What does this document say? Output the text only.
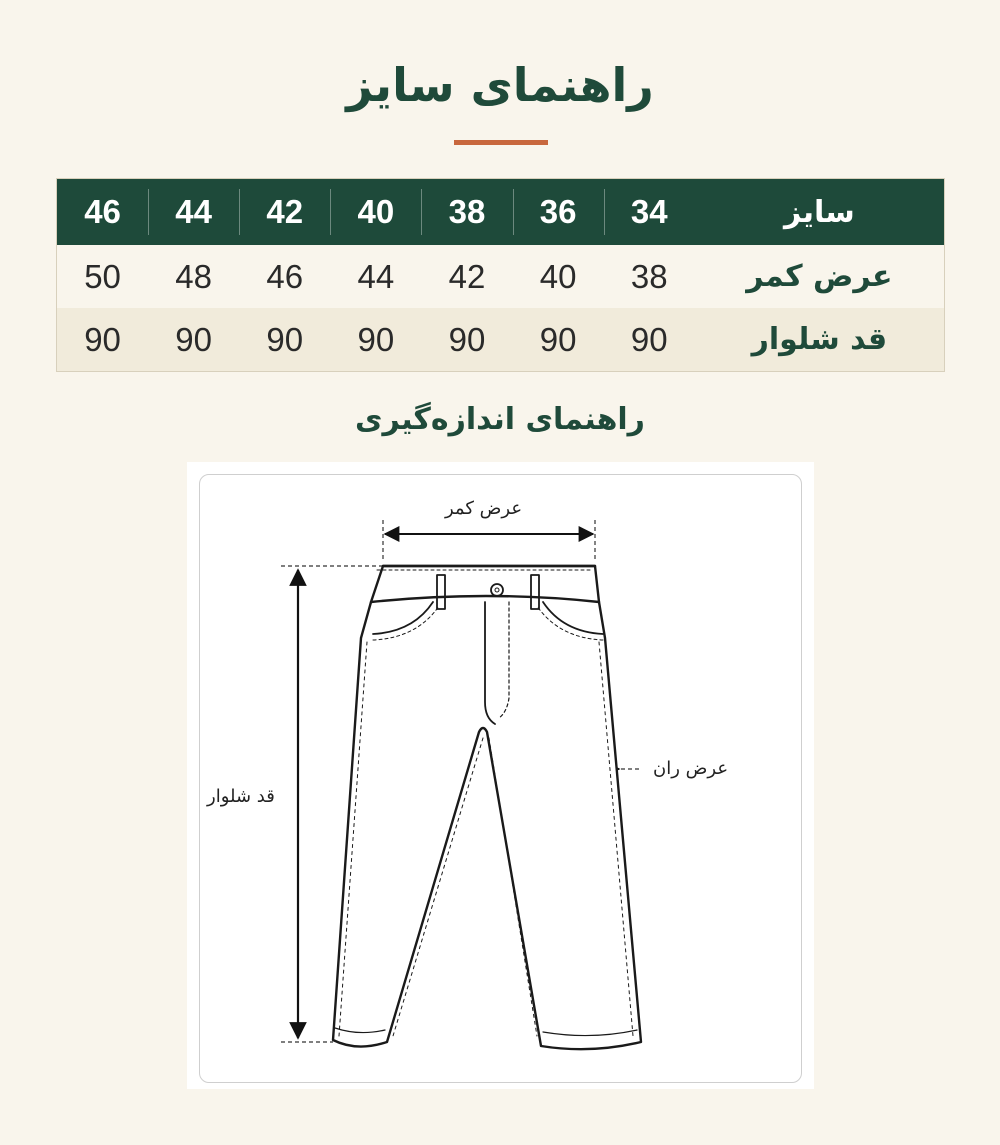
راهنمای سایز
سایز
34
36
38
40
42
44
46
عرض کمر
38
40
42
44
46
48
50
قد شلوار
90
90
90
90
90
90
90
راهنمای اندازه‌گیری
عرض کمر
عرض ران
قد شلوار
